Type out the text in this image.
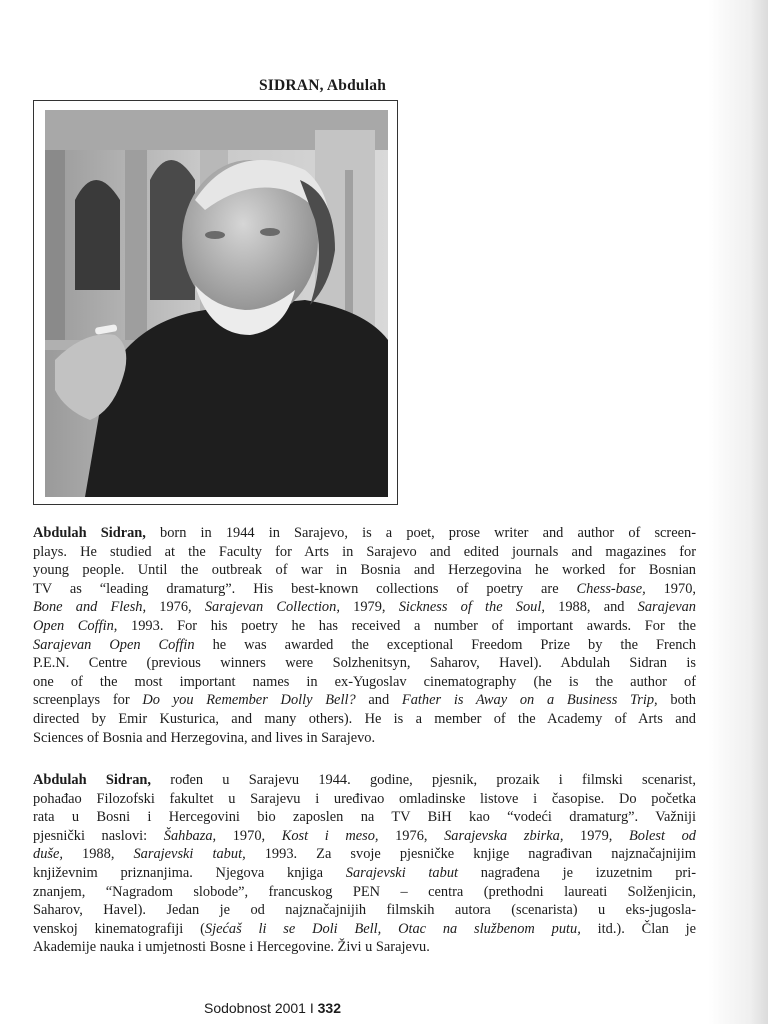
SIDRAN, Abdulah
Abdulah Sidran, born in 1944 in Sarajevo, is a poet, prose writer and author of screen-
plays. He studied at the Faculty for Arts in Sarajevo and edited journals and magazines for
young people. Until the outbreak of war in Bosnia and Herzegovina he worked for Bosnian
TV as “leading dramaturg”. His best-known collections of poetry are Chess-base, 1970,
Bone and Flesh, 1976, Sarajevan Collection, 1979, Sickness of the Soul, 1988, and Sarajevan
Open Coffin, 1993. For his poetry he has received a number of important awards. For the
Sarajevan Open Coffin he was awarded the exceptional Freedom Prize by the French
P.E.N. Centre (previous winners were Solzhenitsyn, Saharov, Havel). Abdulah Sidran is
one of the most important names in ex-Yugoslav cinematography (he is the author of
screenplays for Do you Remember Dolly Bell? and Father is Away on a Business Trip, both
directed by Emir Kusturica, and many others). He is a member of the Academy of Arts and
Sciences of Bosnia and Herzegovina, and lives in Sarajevo.
Abdulah Sidran, rođen u Sarajevu 1944. godine, pjesnik, prozaik i filmski scenarist,
pohađao Filozofski fakultet u Sarajevu i uređivao omladinske listove i časopise. Do početka
rata u Bosni i Hercegovini bio zaposlen na TV BiH kao “vodeći dramaturg”. Važniji
pjesnički naslovi: Šahbaza, 1970, Kost i meso, 1976, Sarajevska zbirka, 1979, Bolest od
duše, 1988, Sarajevski tabut, 1993. Za svoje pjesničke knjige nagrađivan najznačajnijim
književnim priznanjima. Njegova knjiga Sarajevski tabut nagrađena je izuzetnim pri-
znanjem, “Nagradom slobode”, francuskog PEN – centra (prethodni laureati Solženjicin,
Saharov, Havel). Jedan je od najznačajnijih filmskih autora (scenarista) u eks-jugosla-
venskoj kinematografiji (Sjećaš li se Doli Bell, Otac na službenom putu, itd.). Član je
Akademije nauka i umjetnosti Bosne i Hercegovine. Živi u Sarajevu.
Sodobnost 2001 I 332
